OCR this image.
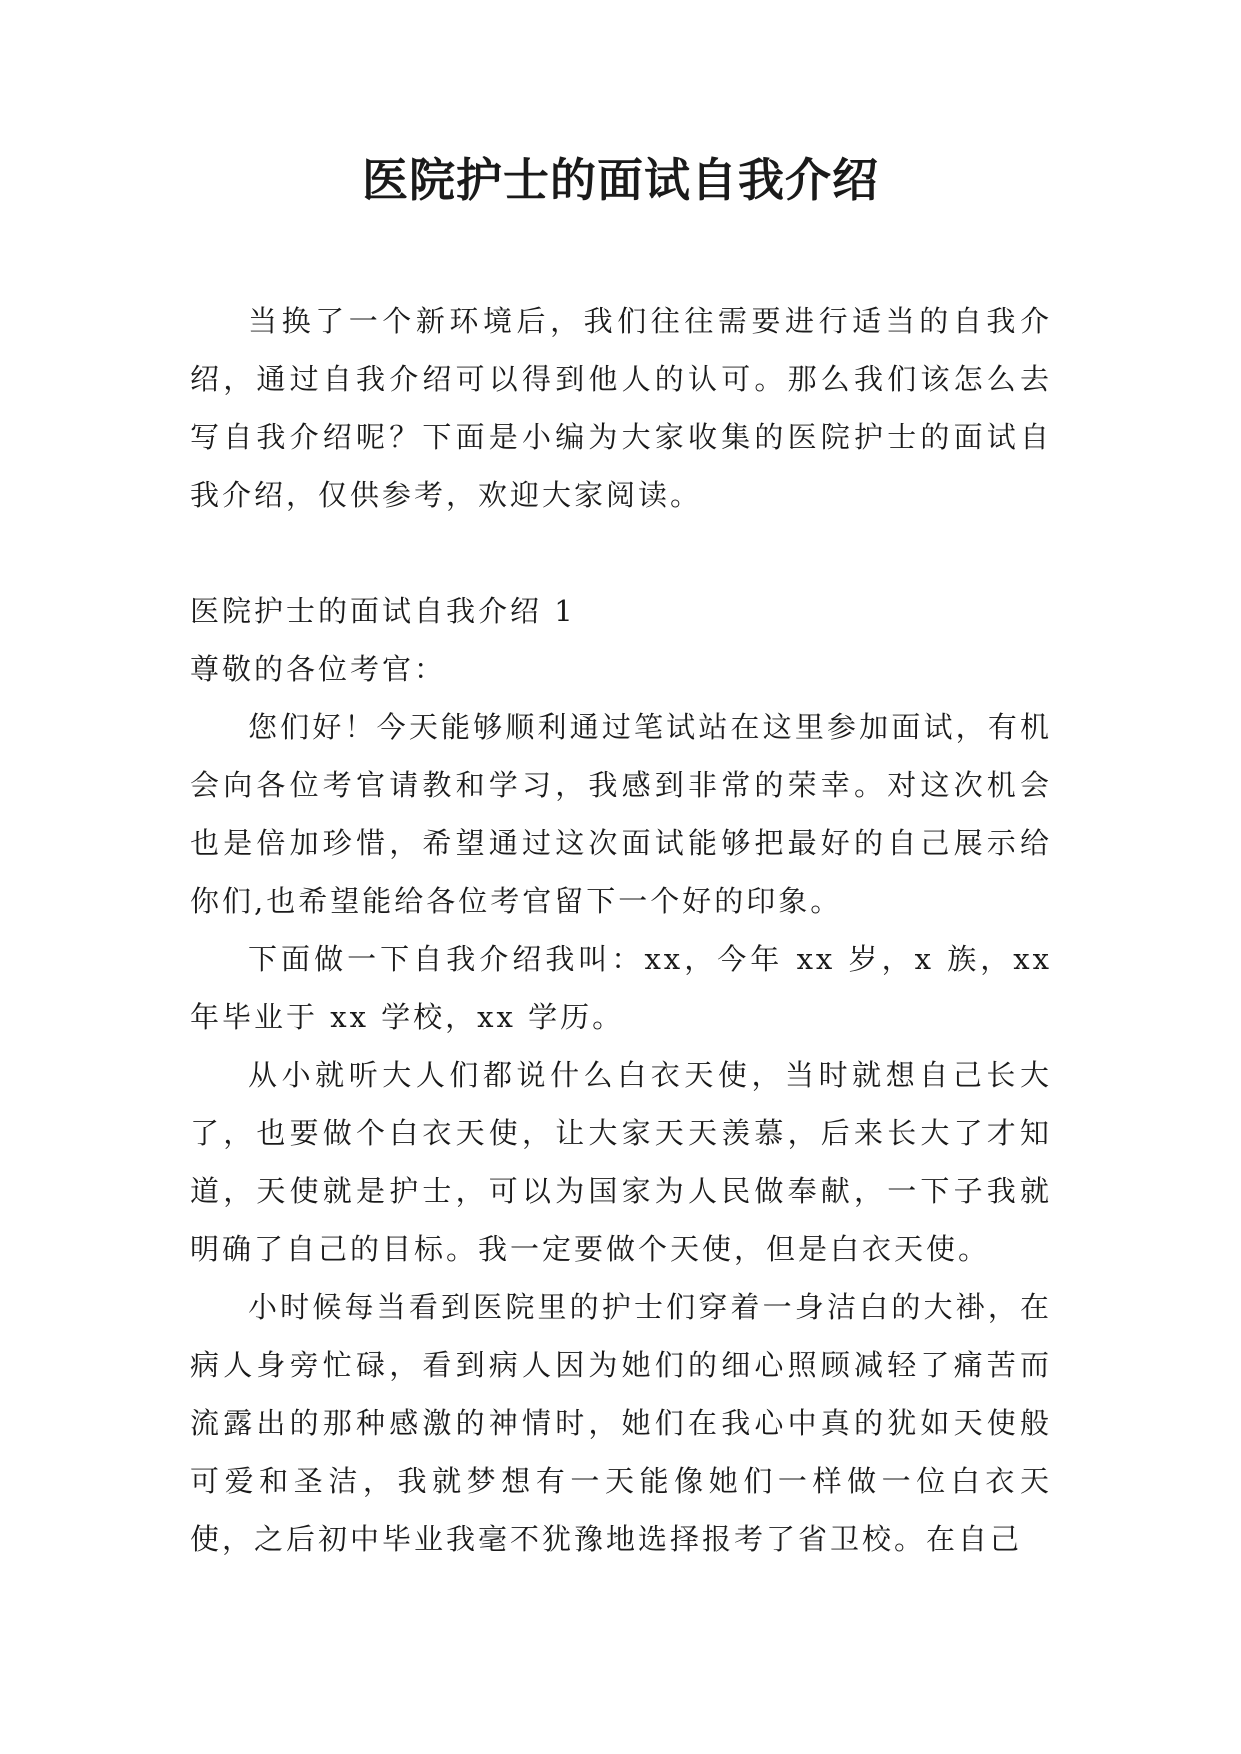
医院护士的面试自我介绍

当换了一个新环境后，我们往往需要进行适当的自我介绍，通过自我介绍可以得到他人的认可。那么我们该怎么去写自我介绍呢？下面是小编为大家收集的医院护士的面试自我介绍，仅供参考，欢迎大家阅读。

医院护士的面试自我介绍 1

尊敬的各位考官：

您们好！今天能够顺利通过笔试站在这里参加面试，有机会向各位考官请教和学习，我感到非常的荣幸。对这次机会也是倍加珍惜，希望通过这次面试能够把最好的自己展示给你们,也希望能给各位考官留下一个好的印象。

下面做一下自我介绍我叫：xx，今年 xx 岁，x 族，xx 年毕业于 xx 学校，xx 学历。

从小就听大人们都说什么白衣天使，当时就想自己长大了，也要做个白衣天使，让大家天天羡慕，后来长大了才知道，天使就是护士，可以为国家为人民做奉献，一下子我就明确了自己的目标。我一定要做个天使，但是白衣天使。

小时候每当看到医院里的护士们穿着一身洁白的大褂，在病人身旁忙碌，看到病人因为她们的细心照顾减轻了痛苦而流露出的那种感激的神情时，她们在我心中真的犹如天使般可爱和圣洁，我就梦想有一天能像她们一样做一位白衣天使，之后初中毕业我毫不犹豫地选择报考了省卫校。在自己
